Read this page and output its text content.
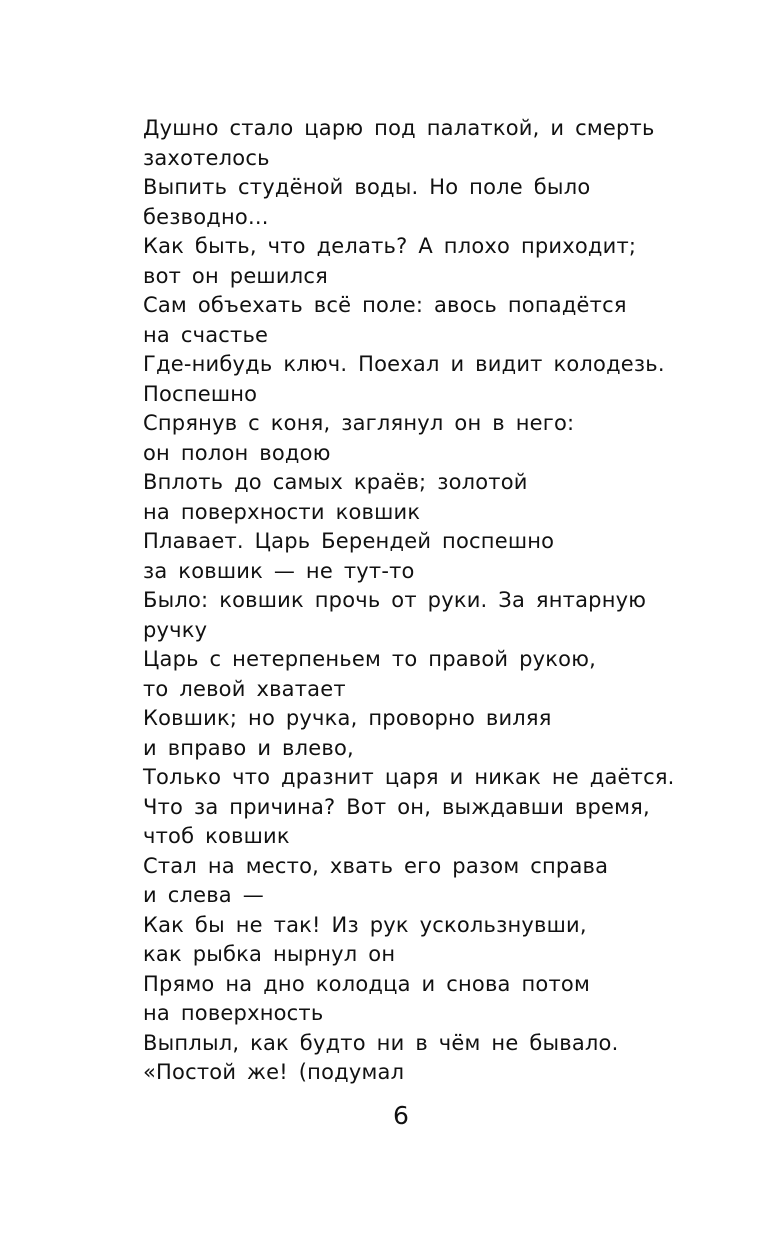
Душно стало царю под палаткой, и смерть
захотелось
Выпить студёной воды. Но поле было
безводно...
Как быть, что делать? А плохо приходит;
вот он решился
Сам объехать всё поле: авось попадётся
на счастье
Где-нибудь ключ. Поехал и видит колодезь.
Поспешно
Спрянув с коня, заглянул он в него:
он полон водою
Вплоть до самых краёв; золотой
на поверхности ковшик
Плавает. Царь Берендей поспешно
за ковшик — не тут-то
Было: ковшик прочь от руки. За янтарную
ручку
Царь с нетерпеньем то правой рукою,
то левой хватает
Ковшик; но ручка, проворно виляя
и вправо и влево,
Только что дразнит царя и никак не даётся.
Что за причина? Вот он, выждавши время,
чтоб ковшик
Стал на место, хвать его разом справа
и слева —
Как бы не так! Из рук ускользнувши,
как рыбка нырнул он
Прямо на дно колодца и снова потом
на поверхность
Выплыл, как будто ни в чём не бывало.
«Постой же! (подумал
6
